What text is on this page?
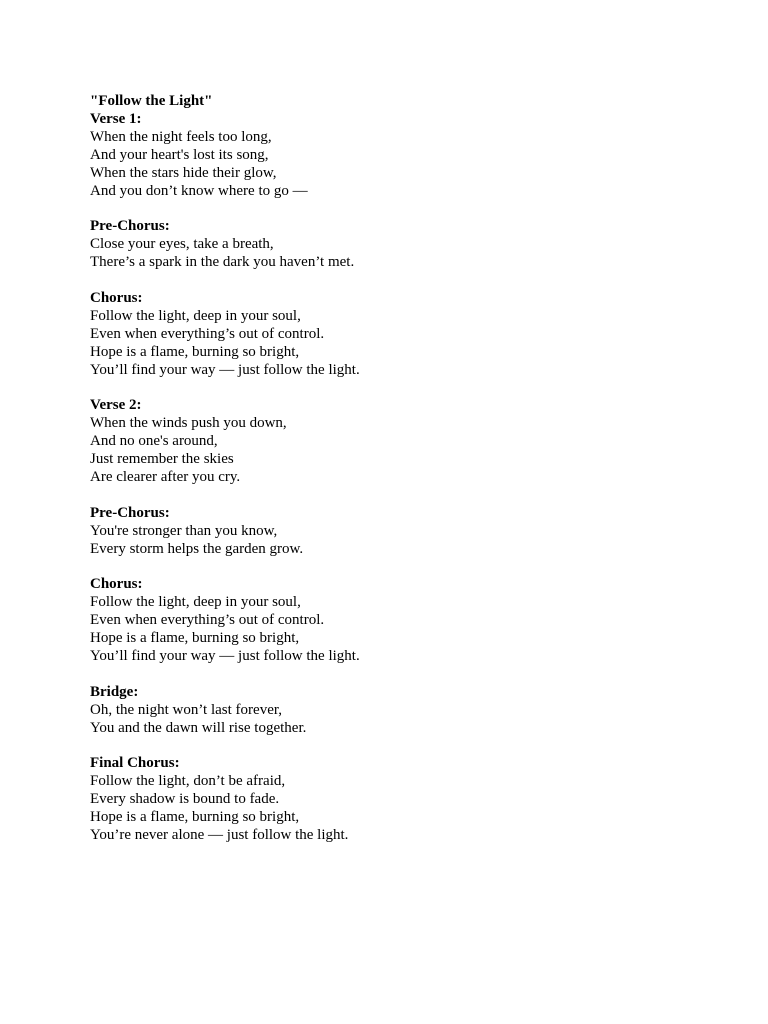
"Follow the Light"
Verse 1:
When the night feels too long,
And your heart's lost its song,
When the stars hide their glow,
And you don’t know where to go —
Pre-Chorus:
Close your eyes, take a breath,
There’s a spark in the dark you haven’t met.
Chorus:
Follow the light, deep in your soul,
Even when everything’s out of control.
Hope is a flame, burning so bright,
You’ll find your way — just follow the light.
Verse 2:
When the winds push you down,
And no one's around,
Just remember the skies
Are clearer after you cry.
Pre-Chorus:
You're stronger than you know,
Every storm helps the garden grow.
Chorus:
Follow the light, deep in your soul,
Even when everything’s out of control.
Hope is a flame, burning so bright,
You’ll find your way — just follow the light.
Bridge:
Oh, the night won’t last forever,
You and the dawn will rise together.
Final Chorus:
Follow the light, don’t be afraid,
Every shadow is bound to fade.
Hope is a flame, burning so bright,
You’re never alone — just follow the light.
